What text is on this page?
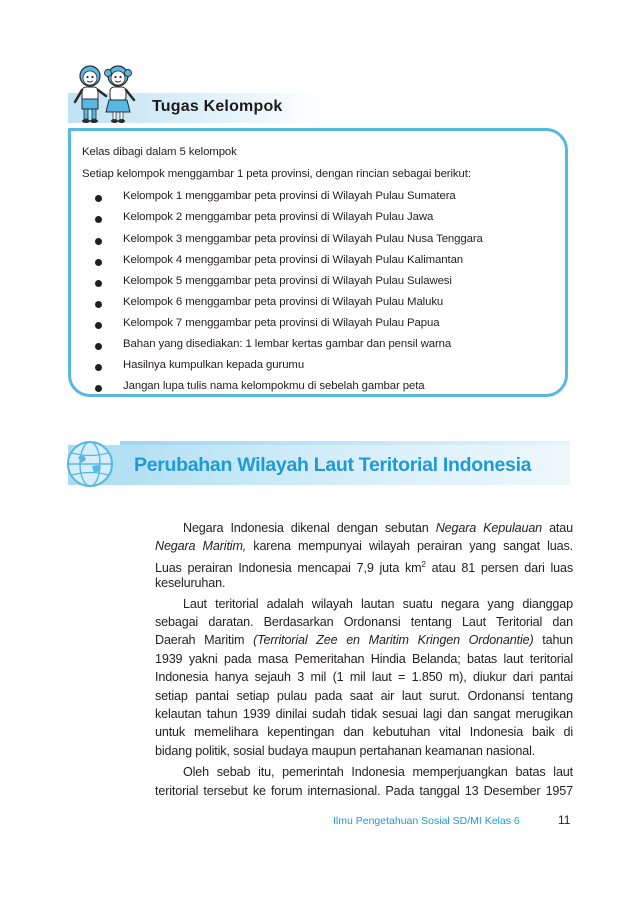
Tugas Kelompok
Kelas dibagi dalam 5 kelompok
Setiap kelompok menggambar 1 peta provinsi, dengan rincian sebagai berikut:
Kelompok 1 menggambar peta provinsi di Wilayah Pulau Sumatera
Kelompok 2 menggambar peta provinsi di Wilayah Pulau Jawa
Kelompok 3 menggambar peta provinsi di Wilayah Pulau Nusa Tenggara
Kelompok 4 menggambar peta provinsi di Wilayah Pulau Kalimantan
Kelompok 5 menggambar peta provinsi di Wilayah Pulau Sulawesi
Kelompok 6 menggambar peta provinsi di Wilayah Pulau Maluku
Kelompok 7 menggambar peta provinsi di Wilayah Pulau Papua
Bahan yang disediakan: 1 lembar kertas gambar dan pensil warna
Hasilnya kumpulkan kepada gurumu
Jangan lupa tulis nama kelompokmu di sebelah gambar peta
Perubahan Wilayah Laut Teritorial Indonesia
Negara Indonesia dikenal dengan sebutan Negara Kepulauan atau
Negara Maritim, karena mempunyai wilayah perairan yang sangat luas.
Luas perairan Indonesia mencapai 7,9 juta $km^2$ atau 81 persen dari luas
keseluruhan.
Laut teritorial adalah wilayah lautan suatu negara yang dianggap
sebagai daratan. Berdasarkan Ordonansi tentang Laut Teritorial dan
Daerah Maritim (Territorial Zee en Maritim Kringen Ordonantie) tahun
1939 yakni pada masa Pemeritahan Hindia Belanda; batas laut teritorial
Indonesia hanya sejauh 3 mil (1 mil laut = 1.850 m), diukur dari pantai
setiap pantai setiap pulau pada saat air laut surut. Ordonansi tentang
kelautan tahun 1939 dinilai sudah tidak sesuai lagi dan sangat merugikan
untuk memelihara kepentingan dan kebutuhan vital Indonesia baik di
bidang politik, sosial budaya maupun pertahanan keamanan nasional.
Oleh sebab itu, pemerintah Indonesia memperjuangkan batas laut
teritorial tersebut ke forum internasional. Pada tanggal 13 Desember 1957
Ilmu Pengetahuan Sosial SD/MI Kelas 6	11
